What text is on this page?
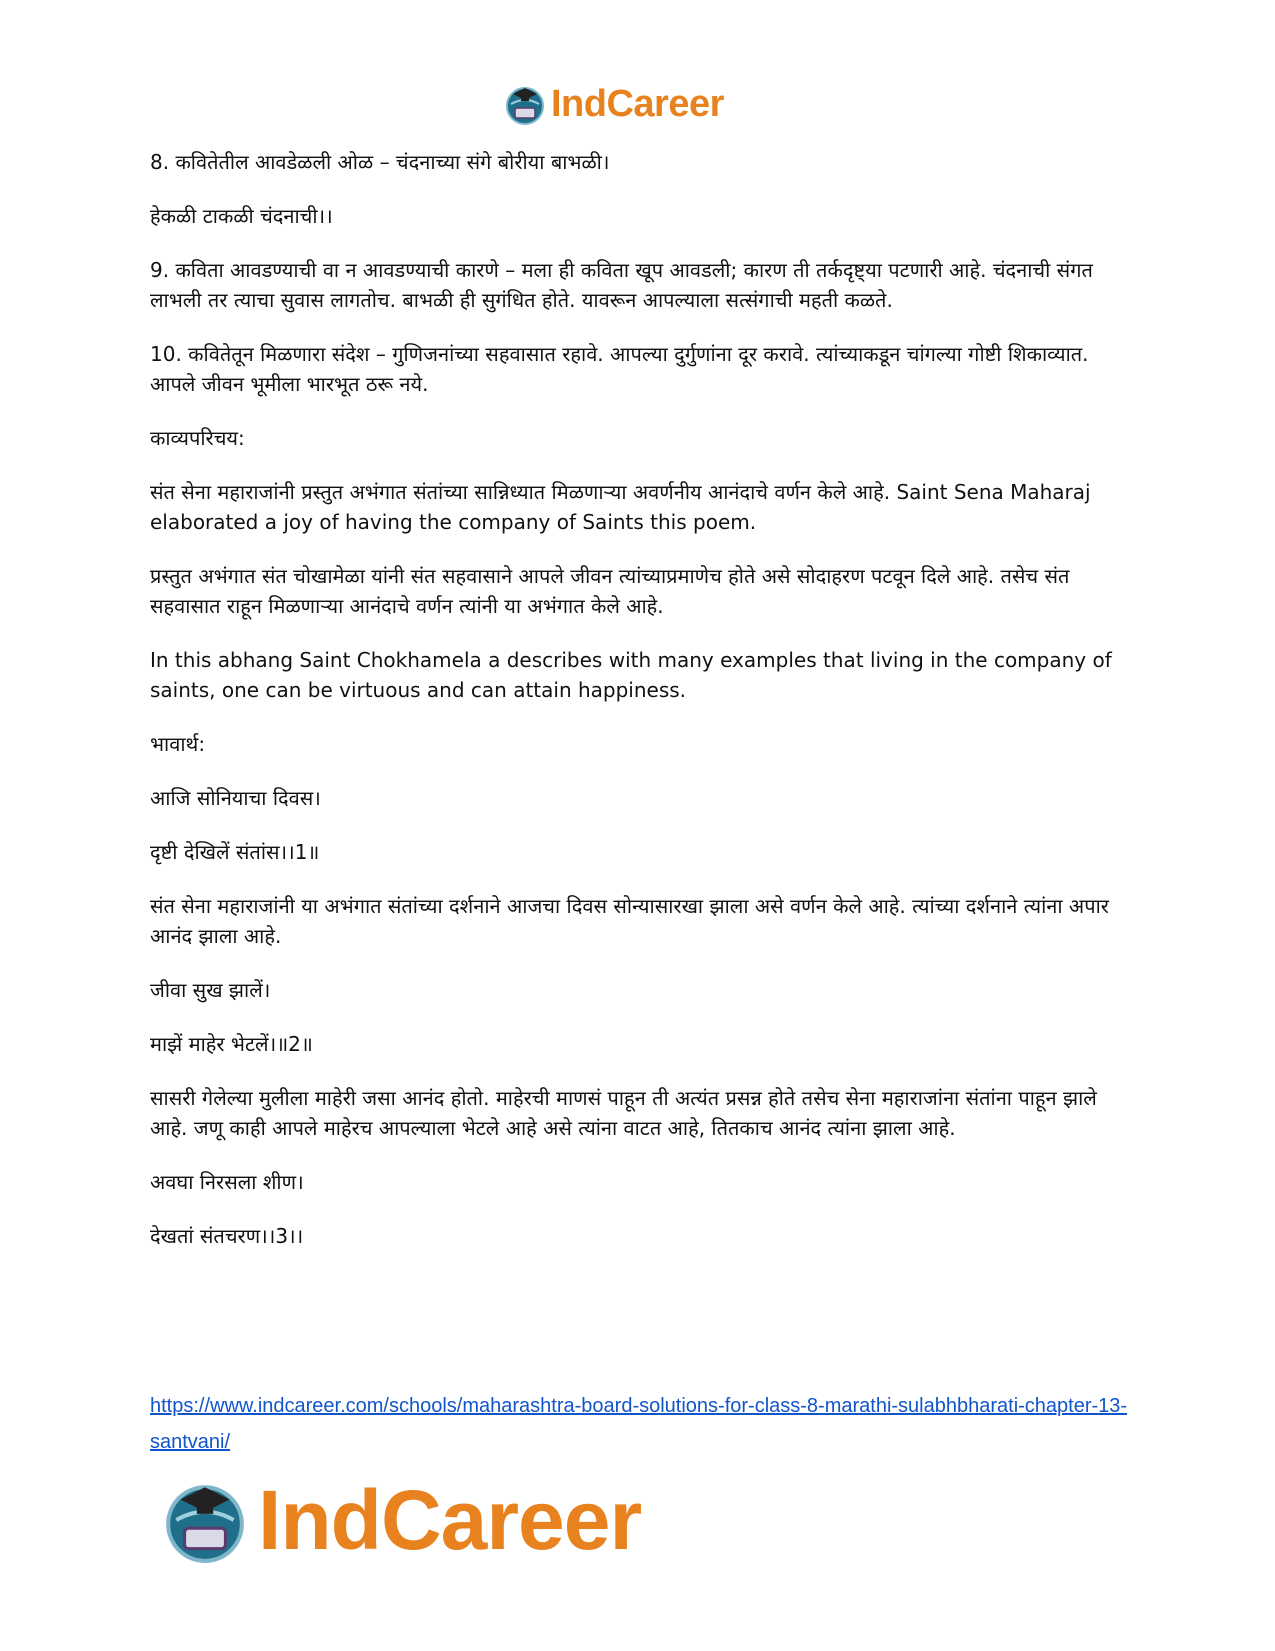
IndCareer

8. कवितेतील आवडेळली ओळ – चंदनाच्या संगे बोरीया बाभळी।

हेकळी टाकळी चंदनाची।।

9. कविता आवडण्याची वा न आवडण्याची कारणे – मला ही कविता खूप आवडली; कारण ती तर्कदृष्ट्या पटणारी आहे. चंदनाची संगत लाभली तर त्याचा सुवास लागतोच. बाभळी ही सुगंधित होते. यावरून आपल्याला सत्संगाची महती कळते.

10. कवितेतून मिळणारा संदेश – गुणिजनांच्या सहवासात रहावे. आपल्या दुर्गुणांना दूर करावे. त्यांच्याकडून चांगल्या गोष्टी शिकाव्यात. आपले जीवन भूमीला भारभूत ठरू नये.

काव्यपरिचय:

संत सेना महाराजांनी प्रस्तुत अभंगात संतांच्या सान्निध्यात मिळणाऱ्या अवर्णनीय आनंदाचे वर्णन केले आहे. Saint Sena Maharaj elaborated a joy of having the company of Saints this poem.

प्रस्तुत अभंगात संत चोखामेळा यांनी संत सहवासाने आपले जीवन त्यांच्याप्रमाणेच होते असे सोदाहरण पटवून दिले आहे. तसेच संत सहवासात राहून मिळणाऱ्या आनंदाचे वर्णन त्यांनी या अभंगात केले आहे.

In this abhang Saint Chokhamela a describes with many examples that living in the company of saints, one can be virtuous and can attain happiness.

भावार्थ:

आजि सोनियाचा दिवस।

दृष्टी देखिलें संतांस।।1॥

संत सेना महाराजांनी या अभंगात संतांच्या दर्शनाने आजचा दिवस सोन्यासारखा झाला असे वर्णन केले आहे. त्यांच्या दर्शनाने त्यांना अपार आनंद झाला आहे.

जीवा सुख झालें।

माझें माहेर भेटलें।॥2॥

सासरी गेलेल्या मुलीला माहेरी जसा आनंद होतो. माहेरची माणसं पाहून ती अत्यंत प्रसन्न होते तसेच सेना महाराजांना संतांना पाहून झाले आहे. जणू काही आपले माहेरच आपल्याला भेटले आहे असे त्यांना वाटत आहे, तितकाच आनंद त्यांना झाला आहे.

अवघा निरसला शीण।

देखतां संतचरण।।3।।

https://www.indcareer.com/schools/maharashtra-board-solutions-for-class-8-marathi-sulabhbharati-chapter-13-santvani/
IndCareer
